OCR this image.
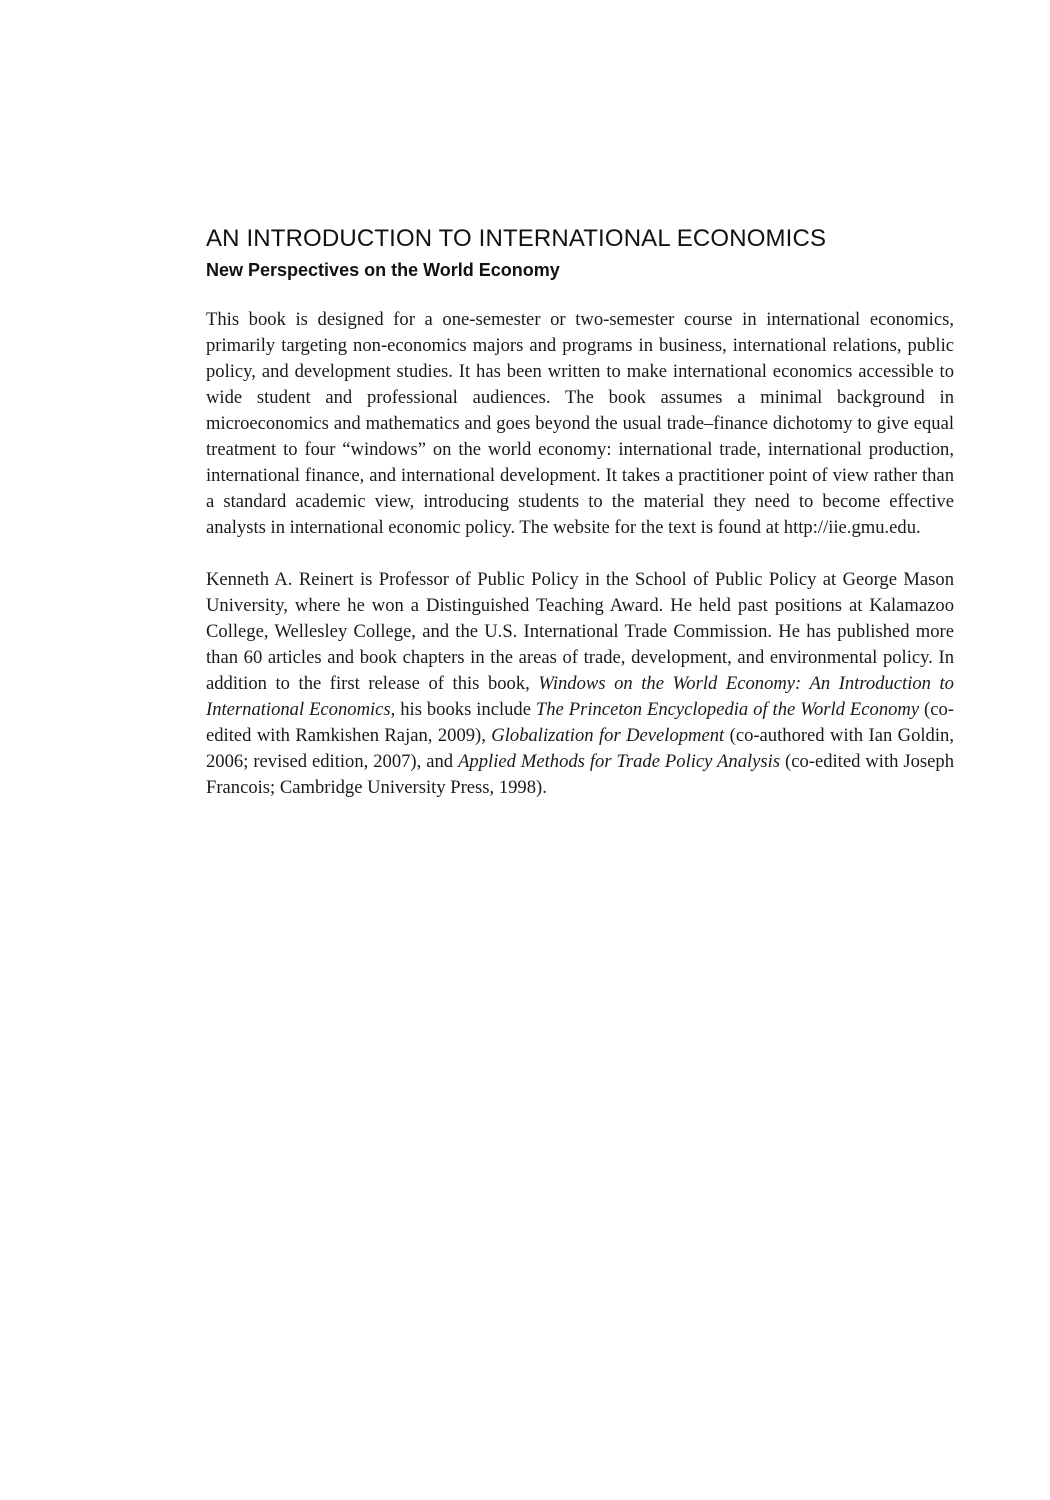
AN INTRODUCTION TO INTERNATIONAL ECONOMICS
New Perspectives on the World Economy

This book is designed for a one-semester or two-semester course in international economics, primarily targeting non-economics majors and programs in business, international relations, public policy, and development studies. It has been written to make international economics accessible to wide student and professional audiences. The book assumes a minimal background in microeconomics and mathematics and goes beyond the usual trade–finance dichotomy to give equal treatment to four “windows” on the world economy: international trade, international production, international finance, and international development. It takes a practitioner point of view rather than a standard academic view, introducing students to the material they need to become effective analysts in international economic policy. The website for the text is found at http://iie.gmu.edu.

Kenneth A. Reinert is Professor of Public Policy in the School of Public Policy at George Mason University, where he won a Distinguished Teaching Award. He held past positions at Kalamazoo College, Wellesley College, and the U.S. International Trade Commission. He has published more than 60 articles and book chapters in the areas of trade, development, and environmental policy. In addition to the first release of this book, Windows on the World Economy: An Introduction to International Economics, his books include The Princeton Encyclopedia of the World Economy (co-edited with Ramkishen Rajan, 2009), Globalization for Development (co-authored with Ian Goldin, 2006; revised edition, 2007), and Applied Methods for Trade Policy Analysis (co-edited with Joseph Francois; Cambridge University Press, 1998).
